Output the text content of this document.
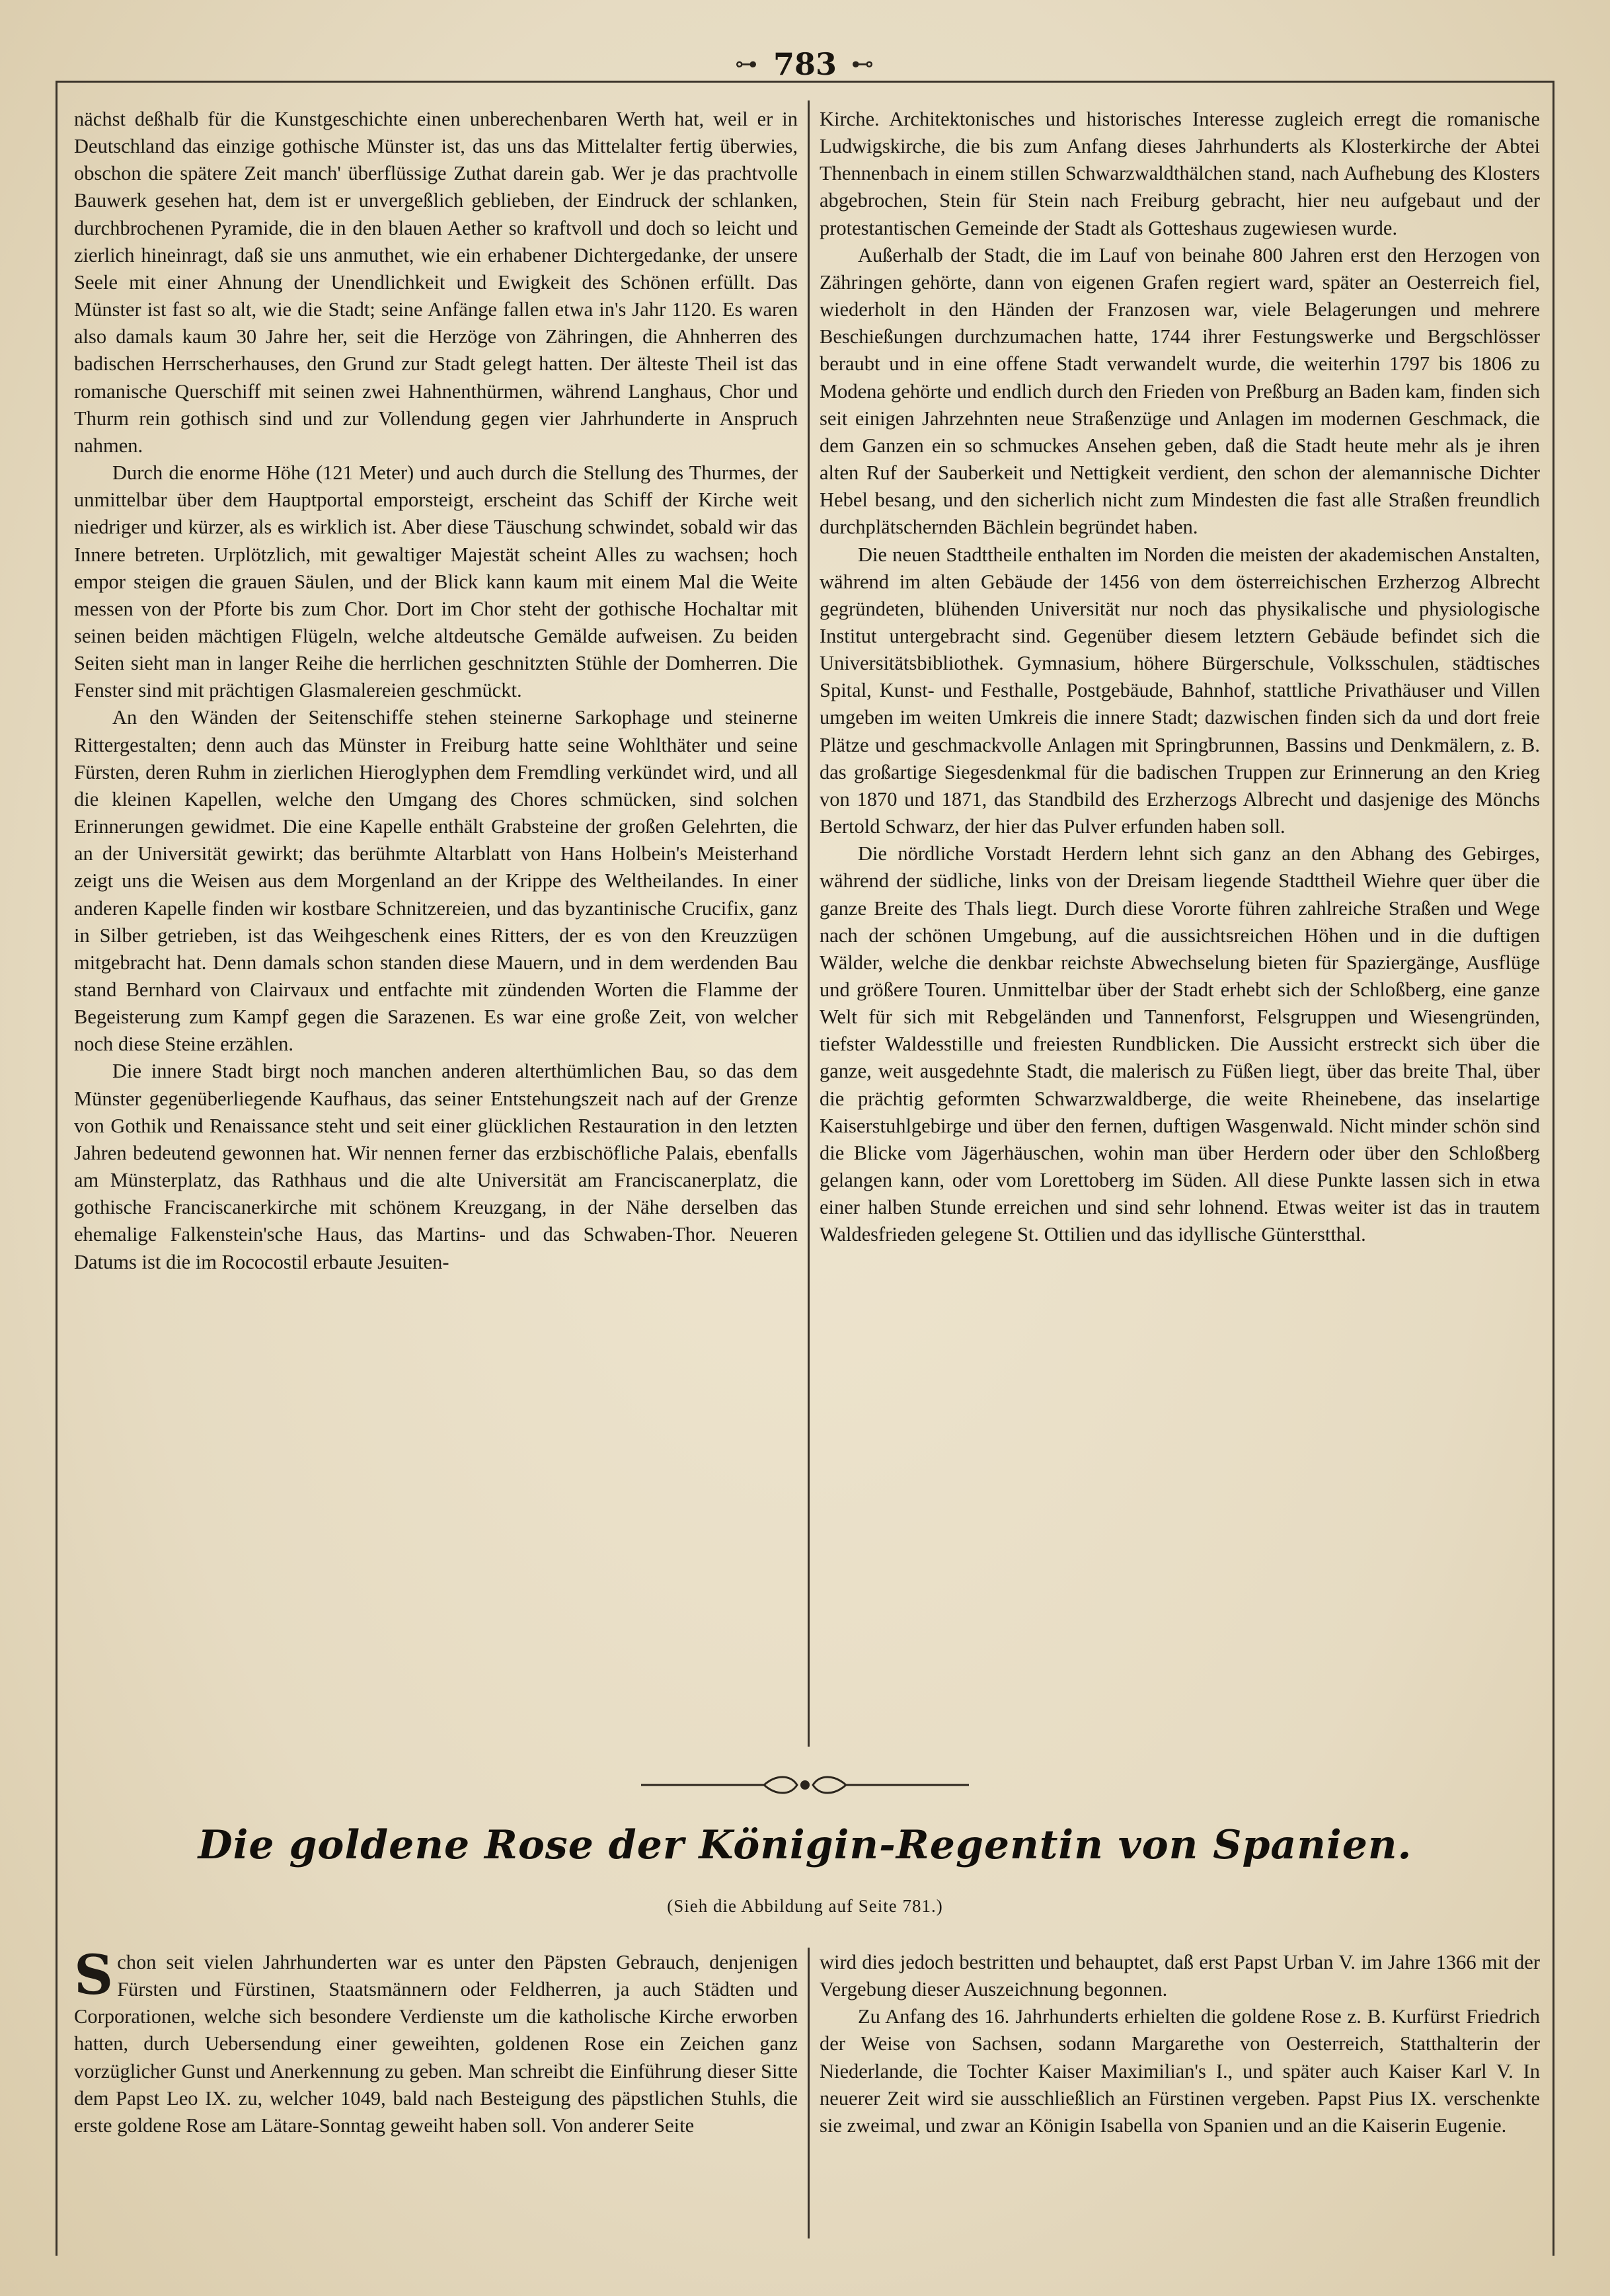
⊶ 783 ⊷

nächst deßhalb für die Kunstgeschichte einen unberechenbaren Werth hat, weil er in Deutschland das einzige gothische Münster ist, das uns das Mittelalter fertig überwies, obschon die spätere Zeit manch' überflüssige Zuthat darein gab. Wer je das prachtvolle Bauwerk gesehen hat, dem ist er unvergeßlich geblieben, der Eindruck der schlanken, durchbrochenen Pyramide, die in den blauen Aether so kraftvoll und doch so leicht und zierlich hineinragt, daß sie uns anmuthet, wie ein erhabener Dichtergedanke, der unsere Seele mit einer Ahnung der Unendlichkeit und Ewigkeit des Schönen erfüllt. Das Münster ist fast so alt, wie die Stadt; seine Anfänge fallen etwa in's Jahr 1120. Es waren also damals kaum 30 Jahre her, seit die Herzöge von Zähringen, die Ahnherren des badischen Herrscherhauses, den Grund zur Stadt gelegt hatten. Der älteste Theil ist das romanische Querschiff mit seinen zwei Hahnenthürmen, während Langhaus, Chor und Thurm rein gothisch sind und zur Vollendung gegen vier Jahrhunderte in Anspruch nahmen.

Durch die enorme Höhe (121 Meter) und auch durch die Stellung des Thurmes, der unmittelbar über dem Hauptportal emporsteigt, erscheint das Schiff der Kirche weit niedriger und kürzer, als es wirklich ist. Aber diese Täuschung schwindet, sobald wir das Innere betreten. Urplötzlich, mit gewaltiger Majestät scheint Alles zu wachsen; hoch empor steigen die grauen Säulen, und der Blick kann kaum mit einem Mal die Weite messen von der Pforte bis zum Chor. Dort im Chor steht der gothische Hochaltar mit seinen beiden mächtigen Flügeln, welche altdeutsche Gemälde aufweisen. Zu beiden Seiten sieht man in langer Reihe die herrlichen geschnitzten Stühle der Domherren. Die Fenster sind mit prächtigen Glasmalereien geschmückt.

An den Wänden der Seitenschiffe stehen steinerne Sarkophage und steinerne Rittergestalten; denn auch das Münster in Freiburg hatte seine Wohlthäter und seine Fürsten, deren Ruhm in zierlichen Hieroglyphen dem Fremdling verkündet wird, und all die kleinen Kapellen, welche den Umgang des Chores schmücken, sind solchen Erinnerungen gewidmet. Die eine Kapelle enthält Grabsteine der großen Gelehrten, die an der Universität gewirkt; das berühmte Altarblatt von Hans Holbein's Meisterhand zeigt uns die Weisen aus dem Morgenland an der Krippe des Weltheilandes. In einer anderen Kapelle finden wir kostbare Schnitzereien, und das byzantinische Crucifix, ganz in Silber getrieben, ist das Weihgeschenk eines Ritters, der es von den Kreuzzügen mitgebracht hat. Denn damals schon standen diese Mauern, und in dem werdenden Bau stand Bernhard von Clairvaux und entfachte mit zündenden Worten die Flamme der Begeisterung zum Kampf gegen die Sarazenen. Es war eine große Zeit, von welcher noch diese Steine erzählen.

Die innere Stadt birgt noch manchen anderen alterthümlichen Bau, so das dem Münster gegenüberliegende Kaufhaus, das seiner Entstehungszeit nach auf der Grenze von Gothik und Renaissance steht und seit einer glücklichen Restauration in den letzten Jahren bedeutend gewonnen hat. Wir nennen ferner das erzbischöfliche Palais, ebenfalls am Münsterplatz, das Rathhaus und die alte Universität am Franciscanerplatz, die gothische Franciscanerkirche mit schönem Kreuzgang, in der Nähe derselben das ehemalige Falkenstein'sche Haus, das Martins- und das Schwaben-Thor. Neueren Datums ist die im Rococostil erbaute Jesuiten-

Kirche. Architektonisches und historisches Interesse zugleich erregt die romanische Ludwigskirche, die bis zum Anfang dieses Jahrhunderts als Klosterkirche der Abtei Thennenbach in einem stillen Schwarzwaldthälchen stand, nach Aufhebung des Klosters abgebrochen, Stein für Stein nach Freiburg gebracht, hier neu aufgebaut und der protestantischen Gemeinde der Stadt als Gotteshaus zugewiesen wurde.

Außerhalb der Stadt, die im Lauf von beinahe 800 Jahren erst den Herzogen von Zähringen gehörte, dann von eigenen Grafen regiert ward, später an Oesterreich fiel, wiederholt in den Händen der Franzosen war, viele Belagerungen und mehrere Beschießungen durchzumachen hatte, 1744 ihrer Festungswerke und Bergschlösser beraubt und in eine offene Stadt verwandelt wurde, die weiterhin 1797 bis 1806 zu Modena gehörte und endlich durch den Frieden von Preßburg an Baden kam, finden sich seit einigen Jahrzehnten neue Straßenzüge und Anlagen im modernen Geschmack, die dem Ganzen ein so schmuckes Ansehen geben, daß die Stadt heute mehr als je ihren alten Ruf der Sauberkeit und Nettigkeit verdient, den schon der alemannische Dichter Hebel besang, und den sicherlich nicht zum Mindesten die fast alle Straßen freundlich durchplätschernden Bächlein begründet haben.

Die neuen Stadttheile enthalten im Norden die meisten der akademischen Anstalten, während im alten Gebäude der 1456 von dem österreichischen Erzherzog Albrecht gegründeten, blühenden Universität nur noch das physikalische und physiologische Institut untergebracht sind. Gegenüber diesem letztern Gebäude befindet sich die Universitätsbibliothek. Gymnasium, höhere Bürgerschule, Volksschulen, städtisches Spital, Kunst- und Festhalle, Postgebäude, Bahnhof, stattliche Privathäuser und Villen umgeben im weiten Umkreis die innere Stadt; dazwischen finden sich da und dort freie Plätze und geschmackvolle Anlagen mit Springbrunnen, Bassins und Denkmälern, z. B. das großartige Siegesdenkmal für die badischen Truppen zur Erinnerung an den Krieg von 1870 und 1871, das Standbild des Erzherzogs Albrecht und dasjenige des Mönchs Bertold Schwarz, der hier das Pulver erfunden haben soll.

Die nördliche Vorstadt Herdern lehnt sich ganz an den Abhang des Gebirges, während der südliche, links von der Dreisam liegende Stadttheil Wiehre quer über die ganze Breite des Thals liegt. Durch diese Vororte führen zahlreiche Straßen und Wege nach der schönen Umgebung, auf die aussichtsreichen Höhen und in die duftigen Wälder, welche die denkbar reichste Abwechselung bieten für Spaziergänge, Ausflüge und größere Touren. Unmittelbar über der Stadt erhebt sich der Schloßberg, eine ganze Welt für sich mit Rebgeländen und Tannenforst, Felsgruppen und Wiesengründen, tiefster Waldesstille und freiesten Rundblicken. Die Aussicht erstreckt sich über die ganze, weit ausgedehnte Stadt, die malerisch zu Füßen liegt, über das breite Thal, über die prächtig geformten Schwarzwaldberge, die weite Rheinebene, das inselartige Kaiserstuhlgebirge und über den fernen, duftigen Wasgenwald. Nicht minder schön sind die Blicke vom Jägerhäuschen, wohin man über Herdern oder über den Schloßberg gelangen kann, oder vom Lorettoberg im Süden. All diese Punkte lassen sich in etwa einer halben Stunde erreichen und sind sehr lohnend. Etwas weiter ist das in trautem Waldesfrieden gelegene St. Ottilien und das idyllische Günterstthal.

Die goldene Rose der Königin-Regentin von Spanien.
(Sieh die Abbildung auf Seite 781.)
S chon seit vielen Jahrhunderten war es unter den Päpsten Gebrauch, denjenigen Fürsten und Fürstinen, Staatsmännern oder Feldherren, ja auch Städten und Corporationen, welche sich besondere Verdienste um die katholische Kirche erworben hatten, durch Uebersendung einer geweihten, goldenen Rose ein Zeichen ganz vorzüglicher Gunst und Anerkennung zu geben. Man schreibt die Einführung dieser Sitte dem Papst Leo IX. zu, welcher 1049, bald nach Besteigung des päpstlichen Stuhls, die erste goldene Rose am Lätare-Sonntag geweiht haben soll. Von anderer Seite

wird dies jedoch bestritten und behauptet, daß erst Papst Urban V. im Jahre 1366 mit der Vergebung dieser Auszeichnung begonnen.

Zu Anfang des 16. Jahrhunderts erhielten die goldene Rose z. B. Kurfürst Friedrich der Weise von Sachsen, sodann Margarethe von Oesterreich, Statthalterin der Niederlande, die Tochter Kaiser Maximilian's I., und später auch Kaiser Karl V. In neuerer Zeit wird sie ausschließlich an Fürstinen vergeben. Papst Pius IX. verschenkte sie zweimal, und zwar an Königin Isabella von Spanien und an die Kaiserin Eugenie.
